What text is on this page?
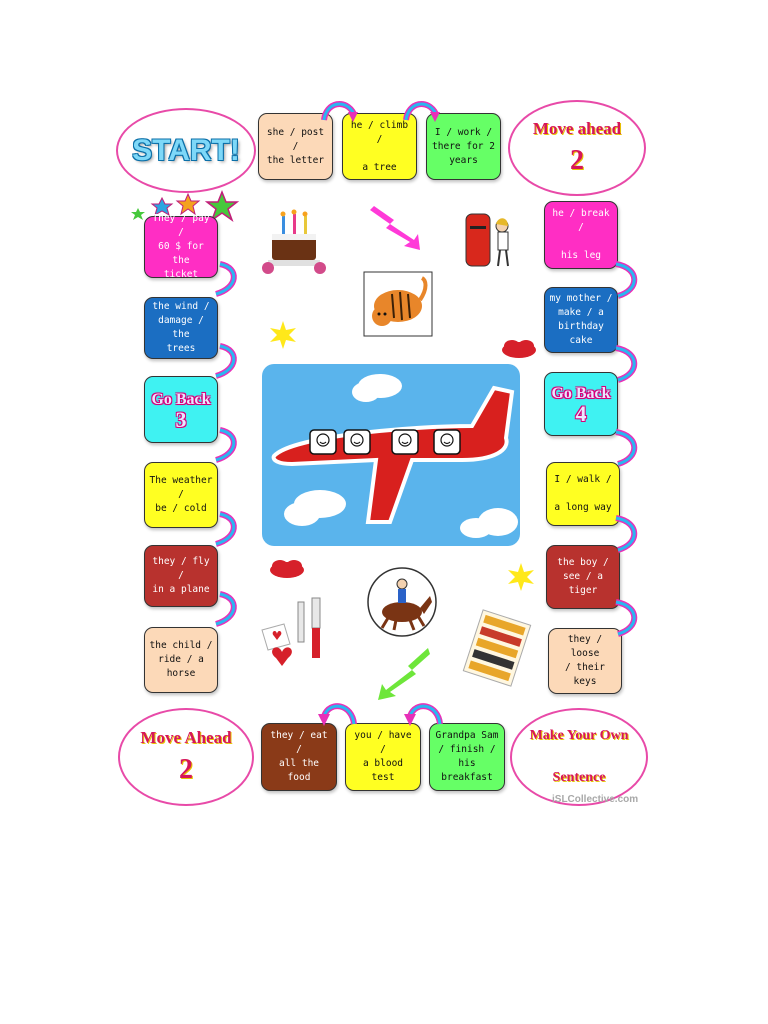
START!
she / post /
the letter
he / climb /

a tree
I / work /
there for 2
years
Move ahead
2
They / pay /
60 $ for the
ticket
the wind /
damage / the
trees
Go Back
3
The weather /
be / cold
they / fly /
in a plane
the child /
ride / a
horse
he / break /

his leg
my mother /
make / a
birthday cake
Go Back
4
I / walk /

a long way
the boy /
see / a tiger
they / loose
/ their keys
Move Ahead
2
Make Your Own
Sentence
they / eat /
all the food
you / have /
a blood test
Grandpa Sam
/ finish / his
breakfast
iSLCollective.com
